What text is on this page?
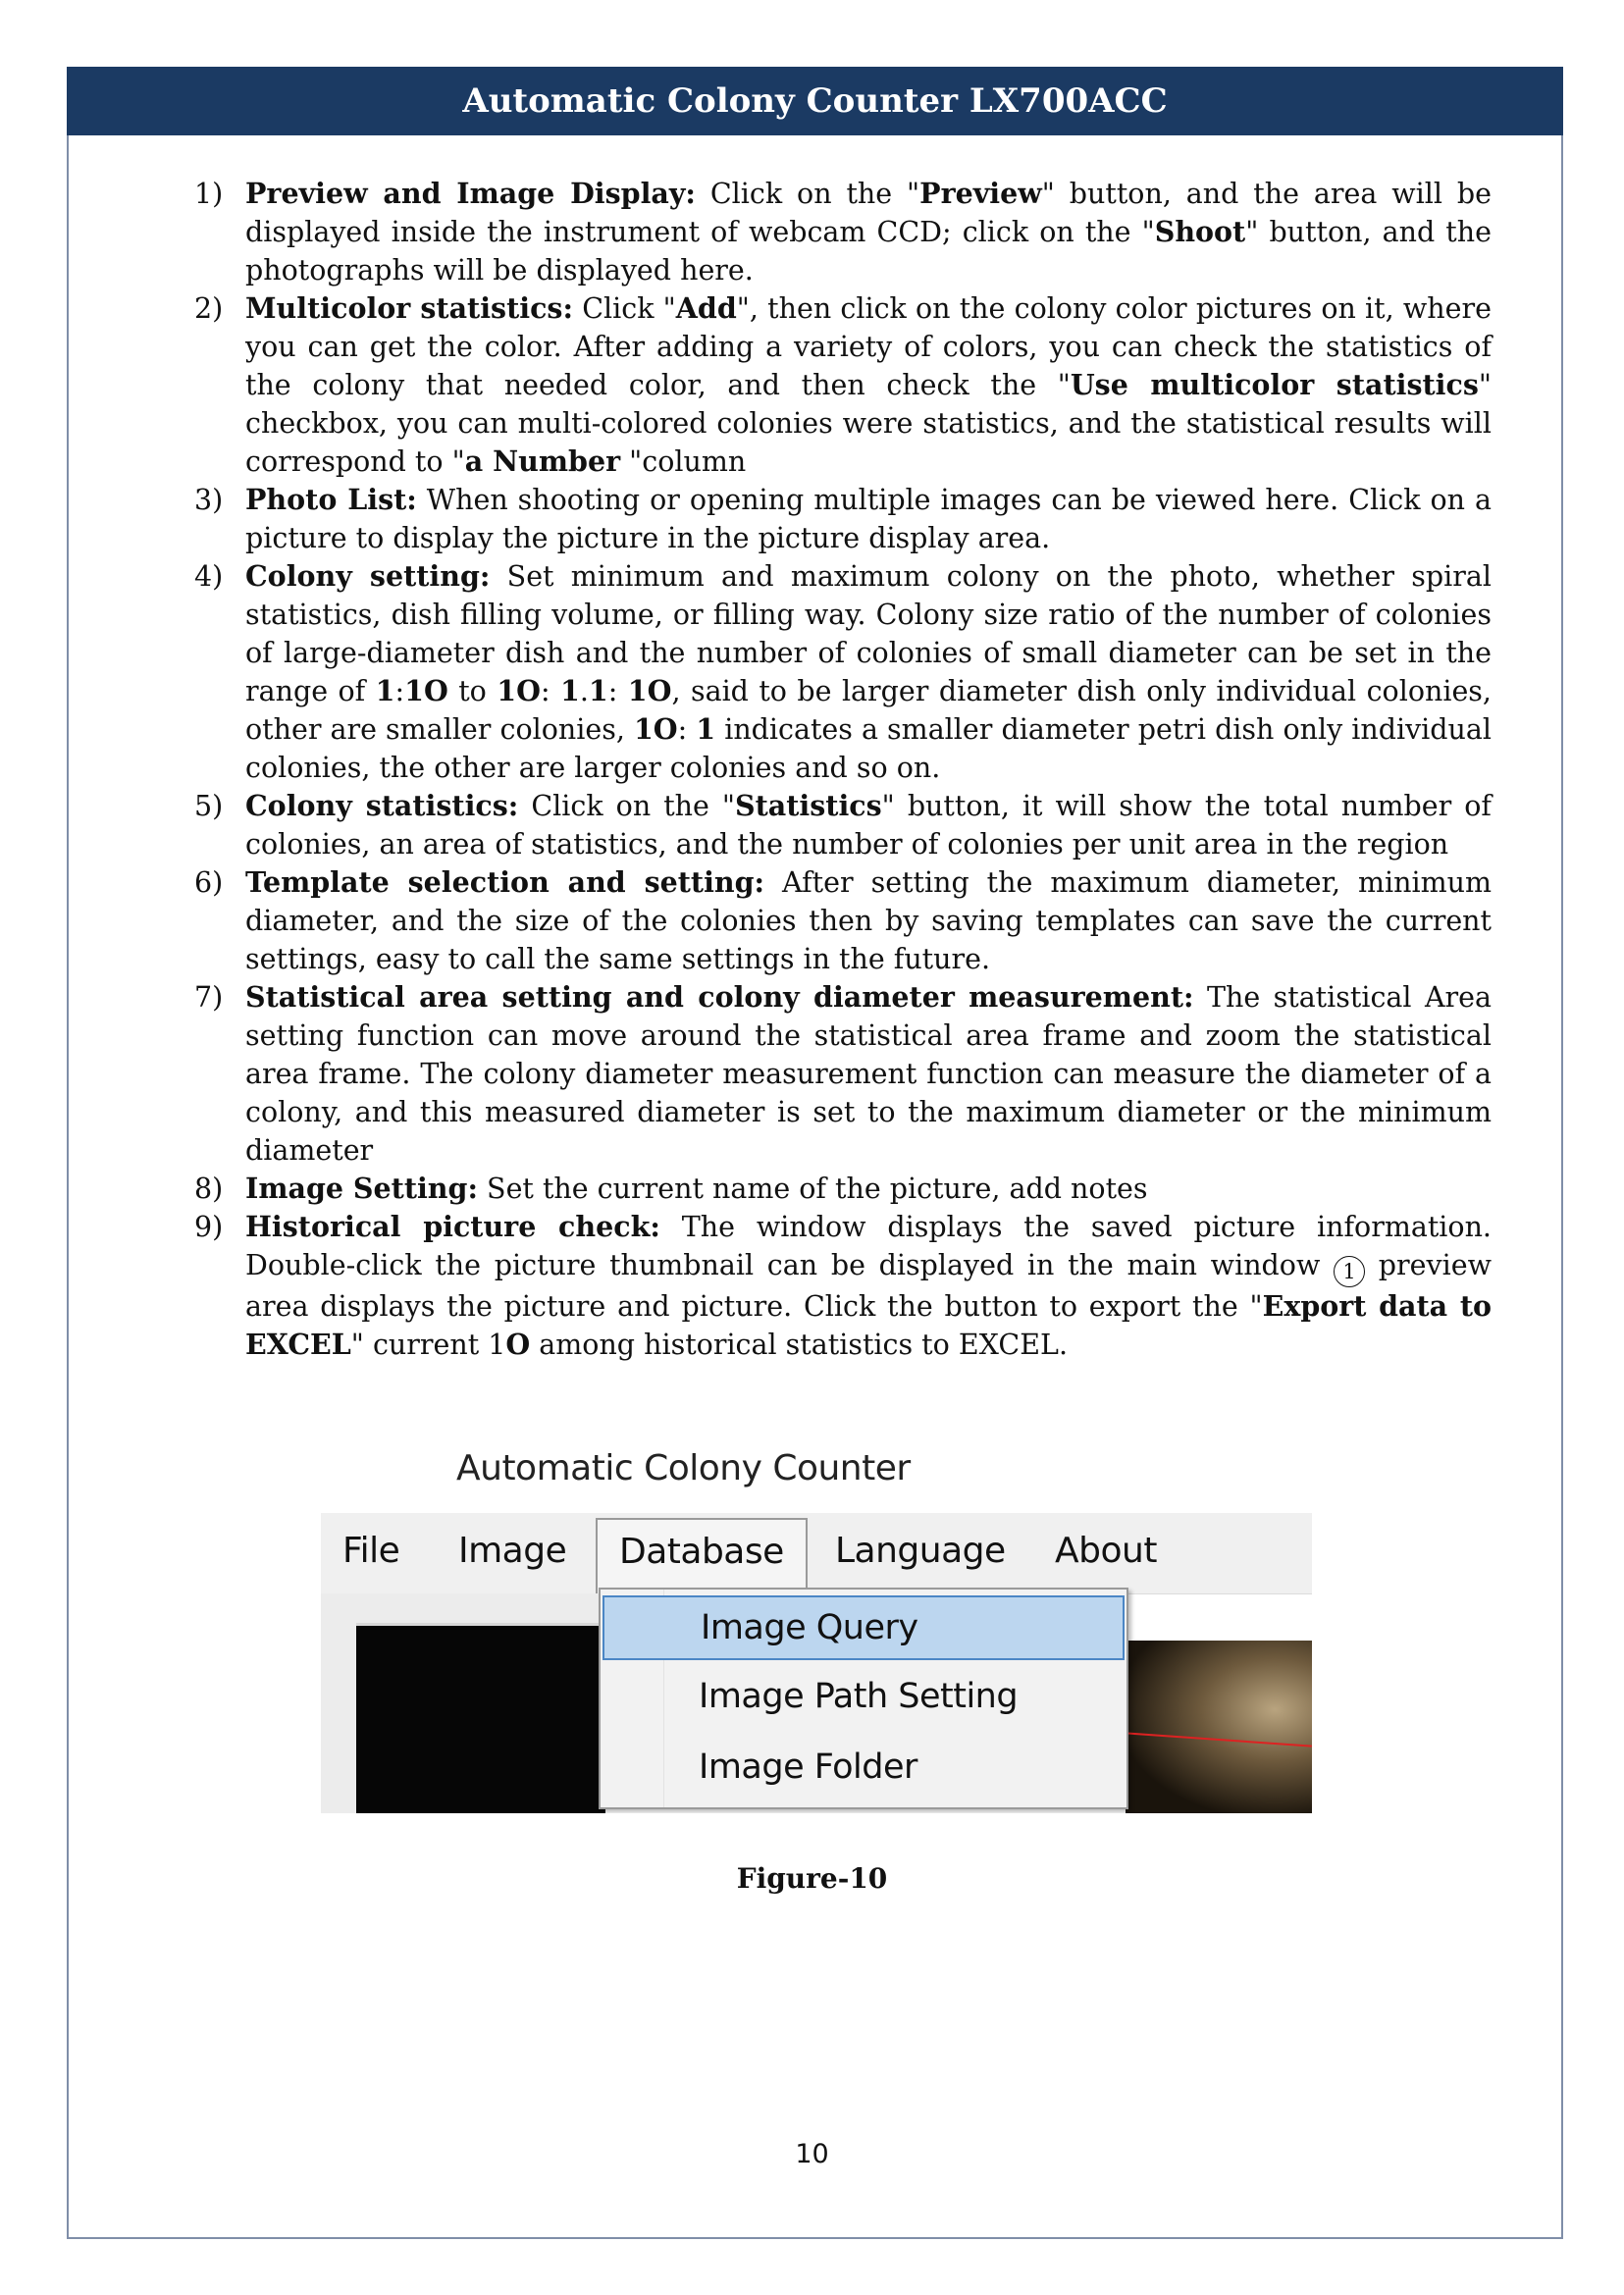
Automatic Colony Counter LX700ACC
1) Preview and Image Display: Click on the "Preview" button, and the area will be displayed inside the instrument of webcam CCD; click on the "Shoot" button, and the photographs will be displayed here.
2) Multicolor statistics: Click "Add", then click on the colony color pictures on it, where you can get the color. After adding a variety of colors, you can check the statistics of the colony that needed color, and then check the "Use multicolor statistics" checkbox, you can multi-colored colonies were statistics, and the statistical results will correspond to "a Number "column
3) Photo List: When shooting or opening multiple images can be viewed here. Click on a picture to display the picture in the picture display area.
4) Colony setting: Set minimum and maximum colony on the photo, whether spiral statistics, dish filling volume, or filling way. Colony size ratio of the number of colonies of large-diameter dish and the number of colonies of small diameter can be set in the range of 1:1O to 1O: 1.1: 1O, said to be larger diameter dish only individual colonies, other are smaller colonies, 1O: 1 indicates a smaller diameter petri dish only individual colonies, the other are larger colonies and so on.
5) Colony statistics: Click on the "Statistics" button, it will show the total number of colonies, an area of statistics, and the number of colonies per unit area in the region
6) Template selection and setting: After setting the maximum diameter, minimum diameter, and the size of the colonies then by saving templates can save the current settings, easy to call the same settings in the future.
7) Statistical area setting and colony diameter measurement: The statistical Area setting function can move around the statistical area frame and zoom the statistical area frame. The colony diameter measurement function can measure the diameter of a colony, and this measured diameter is set to the maximum diameter or the minimum diameter
8) Image Setting: Set the current name of the picture, add notes
9) Historical picture check: The window displays the saved picture information. Double-click the picture thumbnail can be displayed in the main window 1 preview area displays the picture and picture. Click the button to export the "Export data to EXCEL" current 1O among historical statistics to EXCEL.
Automatic Colony Counter
File Image	Database	Language About
Image Query
Image Path Setting
Image Folder
Figure-10
10
